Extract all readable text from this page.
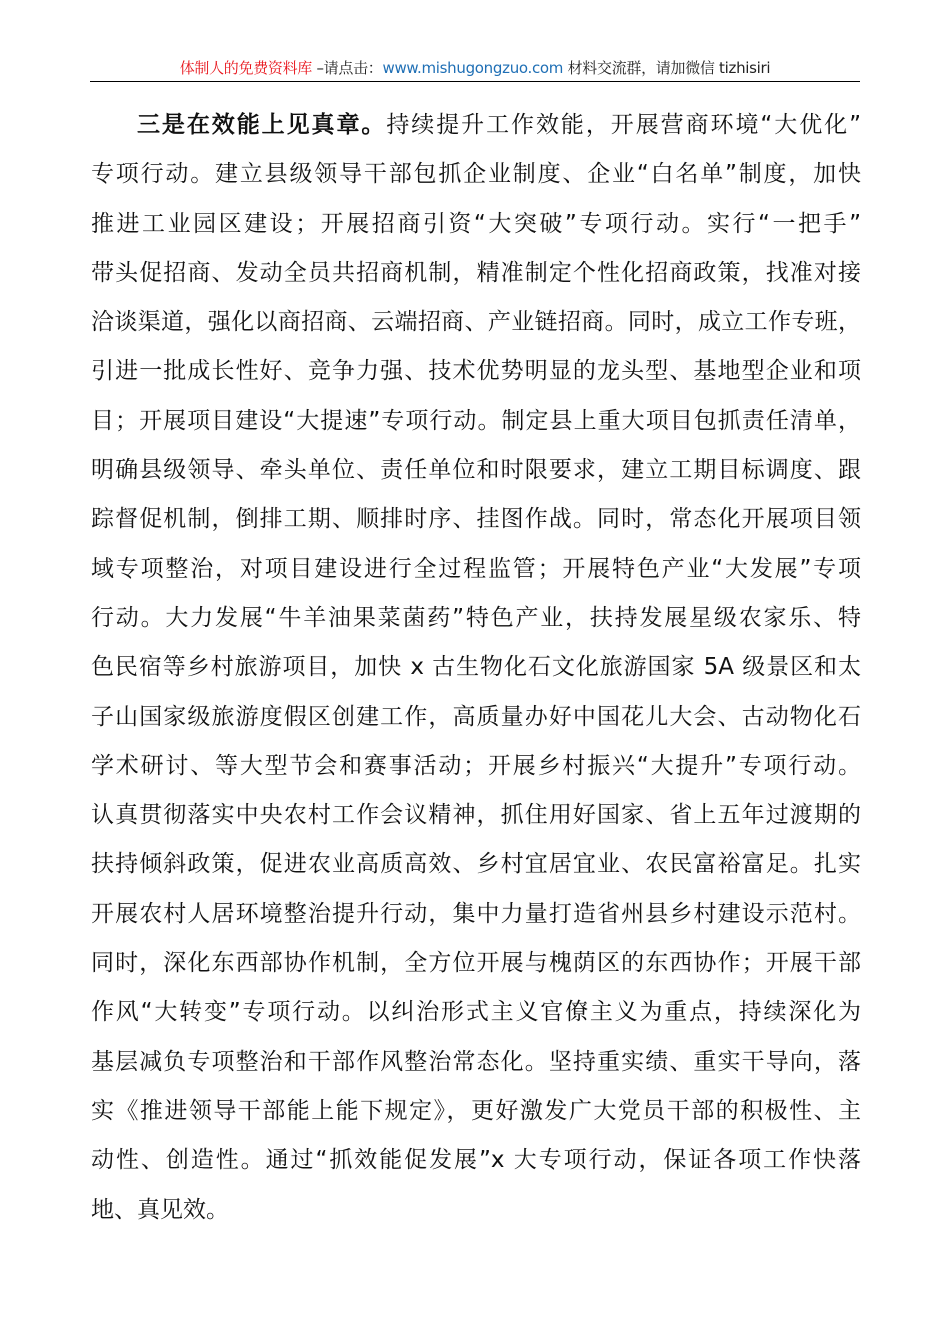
体制人的免费资料库 –请点击：www.mishugongzuo.com 材料交流群，请加微信 tizhisiri
三是在效能上见真章。持续提升工作效能，开展营商环境“大优化”
专项行动。建立县级领导干部包抓企业制度、企业“白名单”制度，加快
推进工业园区建设；开展招商引资“大突破”专项行动。实行“一把手”
带头促招商、发动全员共招商机制，精准制定个性化招商政策，找准对接
洽谈渠道，强化以商招商、云端招商、产业链招商。同时，成立工作专班，
引进一批成长性好、竞争力强、技术优势明显的龙头型、基地型企业和项
目；开展项目建设“大提速”专项行动。制定县上重大项目包抓责任清单，
明确县级领导、牵头单位、责任单位和时限要求，建立工期目标调度、跟
踪督促机制，倒排工期、顺排时序、挂图作战。同时，常态化开展项目领
域专项整治，对项目建设进行全过程监管；开展特色产业“大发展”专项
行动。大力发展“牛羊油果菜菌药”特色产业，扶持发展星级农家乐、特
色民宿等乡村旅游项目，加快 x 古生物化石文化旅游国家 5A 级景区和太
子山国家级旅游度假区创建工作，高质量办好中国花儿大会、古动物化石
学术研讨、等大型节会和赛事活动；开展乡村振兴“大提升”专项行动。
认真贯彻落实中央农村工作会议精神，抓住用好国家、省上五年过渡期的
扶持倾斜政策，促进农业高质高效、乡村宜居宜业、农民富裕富足。扎实
开展农村人居环境整治提升行动，集中力量打造省州县乡村建设示范村。
同时，深化东西部协作机制，全方位开展与槐荫区的东西协作；开展干部
作风“大转变”专项行动。以纠治形式主义官僚主义为重点，持续深化为
基层减负专项整治和干部作风整治常态化。坚持重实绩、重实干导向，落
实《推进领导干部能上能下规定》，更好激发广大党员干部的积极性、主
动性、创造性。通过“抓效能促发展”x 大专项行动，保证各项工作快落
地、真见效。
